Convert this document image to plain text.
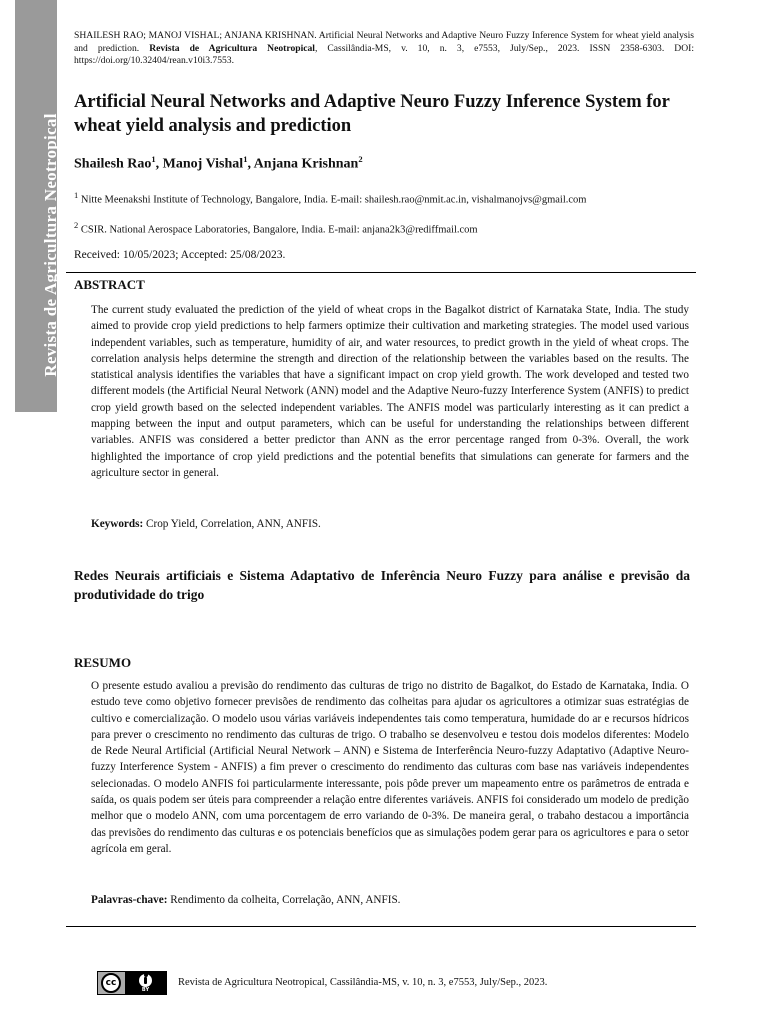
Revista de Agricultura Neotropical
SHAILESH RAO; MANOJ VISHAL; ANJANA KRISHNAN. Artificial Neural Networks and Adaptive Neuro Fuzzy Inference System for wheat yield analysis and prediction. Revista de Agricultura Neotropical, Cassilândia-MS, v. 10, n. 3, e7553, July/Sep., 2023. ISSN 2358-6303. DOI: https://doi.org/10.32404/rean.v10i3.7553.
Artificial Neural Networks and Adaptive Neuro Fuzzy Inference System for wheat yield analysis and prediction
Shailesh Rao$^1$, Manoj Vishal$^1$, Anjana Krishnan$^2$
$^1$ Nitte Meenakshi Institute of Technology, Bangalore, India. E-mail: shailesh.rao@nmit.ac.in, vishalmanojvs@gmail.com
$^2$ CSIR. National Aerospace Laboratories, Bangalore, India. E-mail: anjana2k3@rediffmail.com
Received: 10/05/2023; Accepted: 25/08/2023.
ABSTRACT

The current study evaluated the prediction of the yield of wheat crops in the Bagalkot district of Karnataka State, India. The study aimed to provide crop yield predictions to help farmers optimize their cultivation and marketing strategies. The model used various independent variables, such as temperature, humidity of air, and water resources, to predict growth in the yield of wheat crops. The correlation analysis helps determine the strength and direction of the relationship between the variables based on the results. The statistical analysis identifies the variables that have a significant impact on crop yield growth. The work developed and tested two different models (the Artificial Neural Network (ANN) model and the Adaptive Neuro-fuzzy Interference System (ANFIS) to predict crop yield growth based on the selected independent variables. The ANFIS model was particularly interesting as it can predict a mapping between the input and output parameters, which can be useful for understanding the relationships between different variables. ANFIS was considered a better predictor than ANN as the error percentage ranged from 0-3%. Overall, the work highlighted the importance of crop yield predictions and the potential benefits that simulations can generate for farmers and the agriculture sector in general.

Keywords: Crop Yield, Correlation, ANN, ANFIS.
Redes Neurais artificiais e Sistema Adaptativo de Inferência Neuro Fuzzy para análise e previsão da produtividade do trigo
RESUMO

O presente estudo avaliou a previsão do rendimento das culturas de trigo no distrito de Bagalkot, do Estado de Karnataka, India. O estudo teve como objetivo fornecer previsões de rendimento das colheitas para ajudar os agricultores a otimizar suas estratégias de cultivo e comercialização. O modelo usou várias variáveis independentes tais como temperatura, humidade do ar e recursos hídricos para prever o crescimento no rendimento das culturas de trigo. O trabalho se desenvolveu e testou dois modelos diferentes: Modelo de Rede Neural Artificial (Artificial Neural Network – ANN) e Sistema de Interferência Neuro-fuzzy Adaptativo (Adaptive Neuro-fuzzy Interference System - ANFIS) a fim prever o crescimento do rendimento das culturas com base nas variáveis independentes selecionadas. O modelo ANFIS foi particularmente interessante, pois pôde prever um mapeamento entre os parâmetros de entrada e saída, os quais podem ser úteis para compreender a relação entre diferentes variáveis. ANFIS foi considerado um modelo de predição melhor que o modelo ANN, com uma porcentagem de erro variando de 0-3%. De maneira geral, o trabaho destacou a importância das previsões do rendimento das culturas e os potenciais benefícios que as simulações podem gerar para os agricultores e para o setor agrícola em geral.

Palavras-chave: Rendimento da colheita, Correlação, ANN, ANFIS.
cc
BY
Revista de Agricultura Neotropical, Cassilândia-MS, v. 10, n. 3, e7553, July/Sep., 2023.
